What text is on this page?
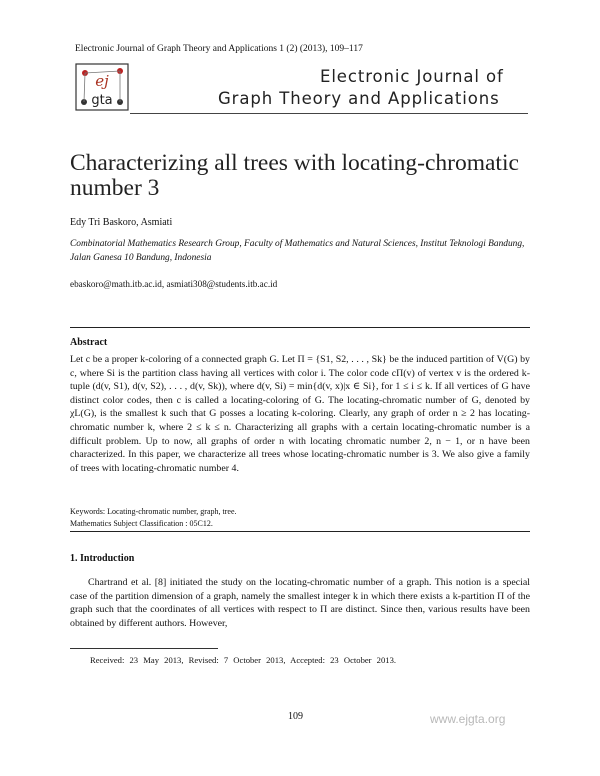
Electronic Journal of Graph Theory and Applications 1 (2) (2013), 109–117
ej
gta
Electronic Journal of
Graph Theory and Applications
Characterizing all trees with locating-chromatic number 3
Edy Tri Baskoro, Asmiati
Combinatorial Mathematics Research Group, Faculty of Mathematics and Natural Sciences, Institut Teknologi Bandung, Jalan Ganesa 10 Bandung, Indonesia
ebaskoro@math.itb.ac.id, asmiati308@students.itb.ac.id
Abstract
Let c be a proper k-coloring of a connected graph G. Let Π = {S1, S2, . . . , Sk} be the induced partition of V(G) by c, where Si is the partition class having all vertices with color i. The color code cΠ(v) of vertex v is the ordered k-tuple (d(v, S1), d(v, S2), . . . , d(v, Sk)), where d(v, Si) = min{d(v, x)|x ∈ Si}, for 1 ≤ i ≤ k. If all vertices of G have distinct color codes, then c is called a locating-coloring of G. The locating-chromatic number of G, denoted by χL(G), is the smallest k such that G posses a locating k-coloring. Clearly, any graph of order n ≥ 2 has locating-chromatic number k, where 2 ≤ k ≤ n. Characterizing all graphs with a certain locating-chromatic number is a difficult problem. Up to now, all graphs of order n with locating chromatic number 2, n − 1, or n have been characterized. In this paper, we characterize all trees whose locating-chromatic number is 3. We also give a family of trees with locating-chromatic number 4.
Keywords: Locating-chromatic number, graph, tree.
Mathematics Subject Classification : 05C12.
1. Introduction
Chartrand et al. [8] initiated the study on the locating-chromatic number of a graph. This notion is a special case of the partition dimension of a graph, namely the smallest integer k in which there exists a k-partition Π of the graph such that the coordinates of all vertices with respect to Π are distinct. Since then, various results have been obtained by different authors. However,
Received: 23 May 2013, Revised: 7 October 2013, Accepted: 23 October 2013.
109	www.ejgta.org
